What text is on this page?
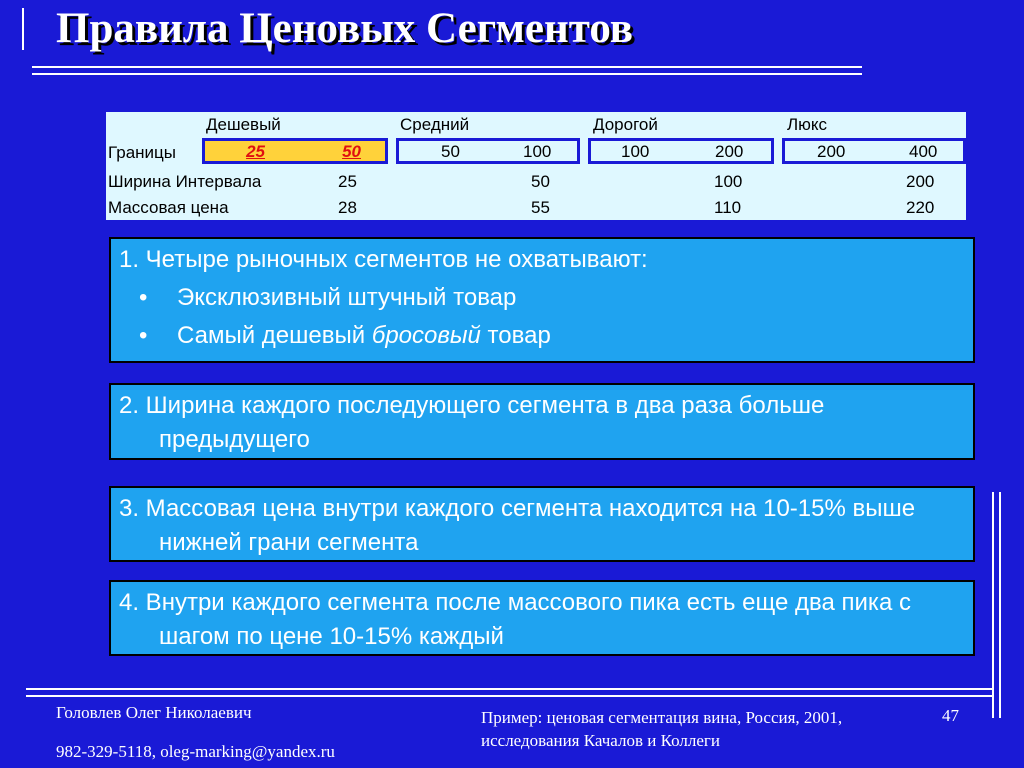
Правила Ценовых Сегментов
Дешевый	Средний	Дорогой	Люкс
Границы	25	50	50	100	100	200	200	400
Ширина Интервала	25	50	100	200
Массовая цена	28	55	110	220
1. Четыре рыночных сегментов не охватывают:
• Эксклюзивный штучный товар
• Самый дешевый бросовый товар
2. Ширина каждого последующего сегмента в два раза больше предыдущего
3. Массовая цена внутри каждого сегмента находится на 10-15% выше нижней грани сегмента
4. Внутри каждого сегмента после массового пика есть еще два пика с шагом по цене 10-15% каждый
Головлев Олег Николаевич
982-329-5118, oleg-marking@yandex.ru
Пример: ценовая сегментация вина, Россия, 2001,
исследования Качалов и Коллеги
47
